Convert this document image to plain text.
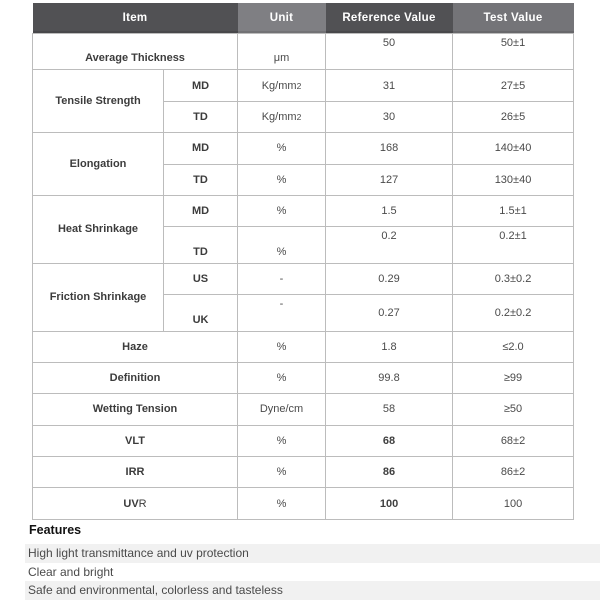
Item		Unit	Reference Value	Test Value
Average Thickness		μm	50	50±1
Tensile Strength	MD	Kg/mm2	31	27±5
	TD	Kg/mm2	30	26±5
Elongation	MD	%	168	140±40
	TD	%	127	130±40
Heat Shrinkage	MD	%	1.5	1.5±1
	TD	%	0.2	0.2±1
Friction Shrinkage	US	-	0.29	0.3±0.2
	UK	-	0.27	0.2±0.2
Haze		%	1.8	≤2.0
Definition		%	99.8	≥99
Wetting Tension		Dyne/cm	58	≥50
VLT		%	68	68±2
IRR		%	86	86±2
UVR		%	100	100
Features
High light transmittance and uv protection
Clear and bright
Safe and environmental, colorless and tasteless
